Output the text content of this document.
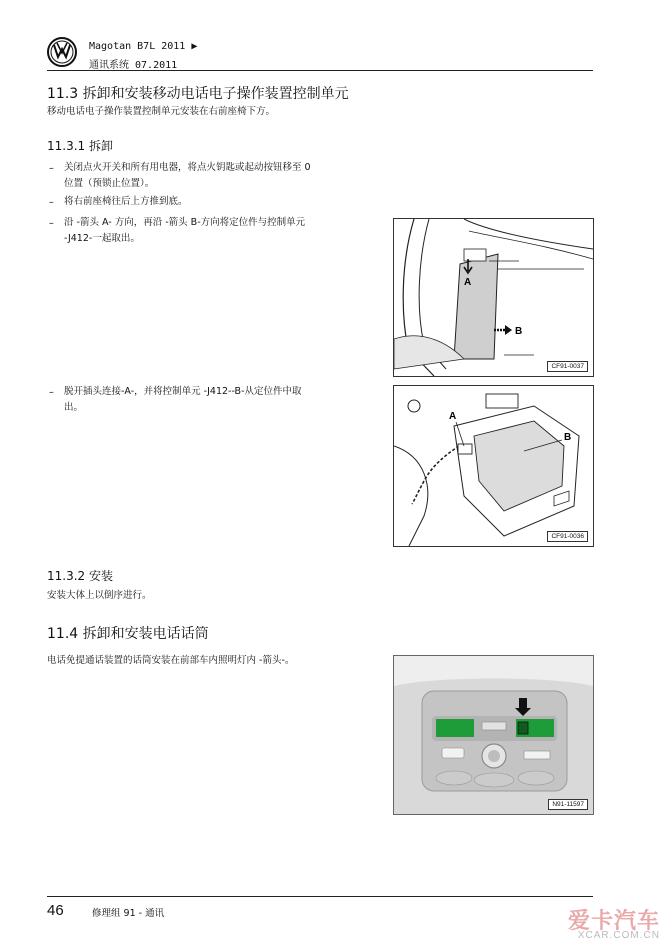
Magotan B7L 2011 ▶
通讯系统 07.2011
11.3 拆卸和安装移动电话电子操作装置控制单元
移动电话电子操作装置控制单元安装在右前座椅下方。
11.3.1 拆卸
– 关闭点火开关和所有用电器，将点火钥匙或起动按钮移至 0
位置（预锁止位置）。
– 将右前座椅往后上方推到底。
– 沿 -箭头 A- 方向，再沿 -箭头 B-方向将定位件与控制单元
-J412-一起取出。
– 脱开插头连接-A-，并将控制单元 -J412--B-从定位件中取
出。
A
B
CF91-0037
A
B
CF91-0036
11.3.2 安装
安装大体上以倒序进行。
11.4 拆卸和安装电话话筒
电话免提通话装置的话筒安装在前部车内照明灯内 -箭头-。
N91-11597
46	修理组 91 - 通讯	爱卡汽车
XCAR.COM.CN
